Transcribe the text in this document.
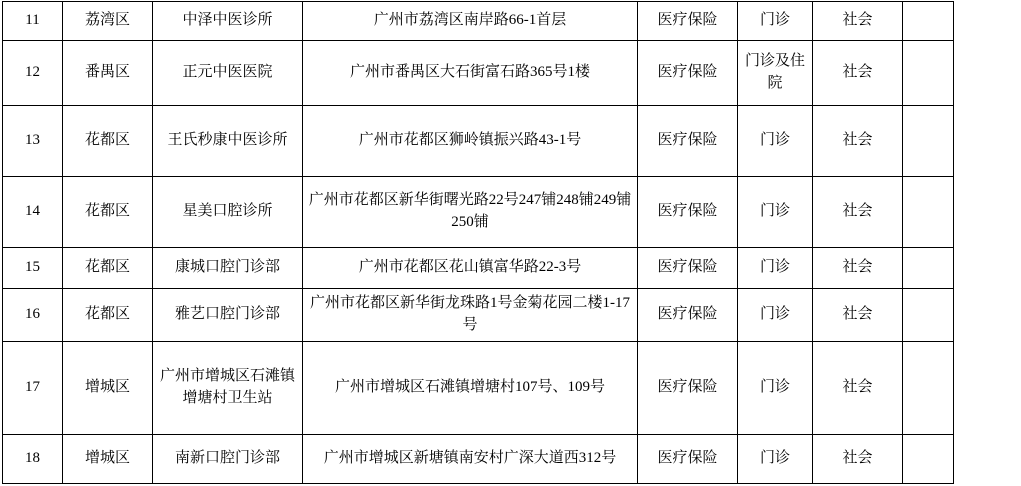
11	荔湾区	中泽中医诊所	广州市荔湾区南岸路66-1首层	医疗保险	门诊	社会	
12	番禺区	正元中医医院	广州市番禺区大石街富石路365号1楼	医疗保险	门诊及住院	社会	
13	花都区	王氏秒康中医诊所	广州市花都区狮岭镇振兴路43-1号	医疗保险	门诊	社会	
14	花都区	星美口腔诊所	广州市花都区新华街曙光路22号247铺248铺249铺250铺	医疗保险	门诊	社会	
15	花都区	康城口腔门诊部	广州市花都区花山镇富华路22-3号	医疗保险	门诊	社会	
16	花都区	雅艺口腔门诊部	广州市花都区新华街龙珠路1号金菊花园二楼1-17号	医疗保险	门诊	社会	
17	增城区	广州市增城区石滩镇增塘村卫生站	广州市增城区石滩镇增塘村107号、109号	医疗保险	门诊	社会	
18	增城区	南新口腔门诊部	广州市增城区新塘镇南安村广深大道西312号	医疗保险	门诊	社会	
